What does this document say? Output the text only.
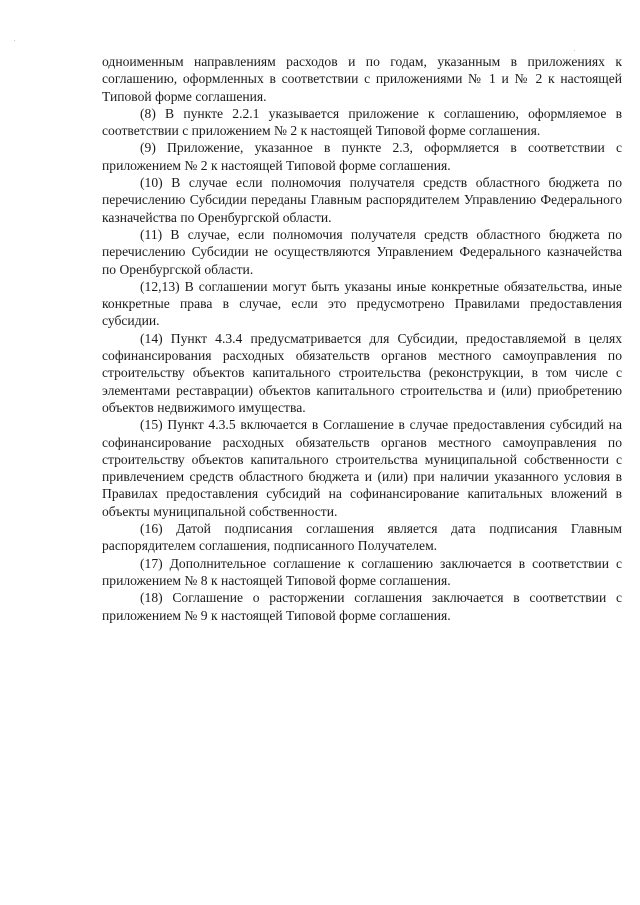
одноименным направлениям расходов и по годам, указанным в приложениях к соглашению, оформленных в соответствии с приложениями № 1 и № 2 к настоящей Типовой форме соглашения.

(8) В пункте 2.2.1 указывается приложение к соглашению, оформляемое в соответствии с приложением № 2 к настоящей Типовой форме соглашения.

(9) Приложение, указанное в пункте 2.3, оформляется в соответствии с приложением № 2 к настоящей Типовой форме соглашения.

(10) В случае если полномочия получателя средств областного бюджета по перечислению Субсидии переданы Главным распорядителем Управлению Федерального казначейства по Оренбургской области.

(11) В случае, если полномочия получателя средств областного бюджета по перечислению Субсидии не осуществляются Управлением Федерального казначейства по Оренбургской области.

(12,13) В соглашении могут быть указаны иные конкретные обязательства, иные конкретные права в случае, если это предусмотрено Правилами предоставления субсидии.

(14) Пункт 4.3.4 предусматривается для Субсидии, предоставляемой в целях софинансирования расходных обязательств органов местного самоуправления по строительству объектов капитального строительства (реконструкции, в том числе с элементами реставрации) объектов капитального строительства и (или) приобретению объектов недвижимого имущества.

(15) Пункт 4.3.5 включается в Соглашение в случае предоставления субсидий на софинансирование расходных обязательств органов местного самоуправления по строительству объектов капитального строительства муниципальной собственности с привлечением средств областного бюджета и (или) при наличии указанного условия в Правилах предоставления субсидий на софинансирование капитальных вложений в объекты муниципальной собственности.

(16) Датой подписания соглашения является дата подписания Главным распорядителем соглашения, подписанного Получателем.

(17) Дополнительное соглашение к соглашению заключается в соответствии с приложением № 8 к настоящей Типовой форме соглашения.

(18) Соглашение о расторжении соглашения заключается в соответствии с приложением № 9 к настоящей Типовой форме соглашения.
